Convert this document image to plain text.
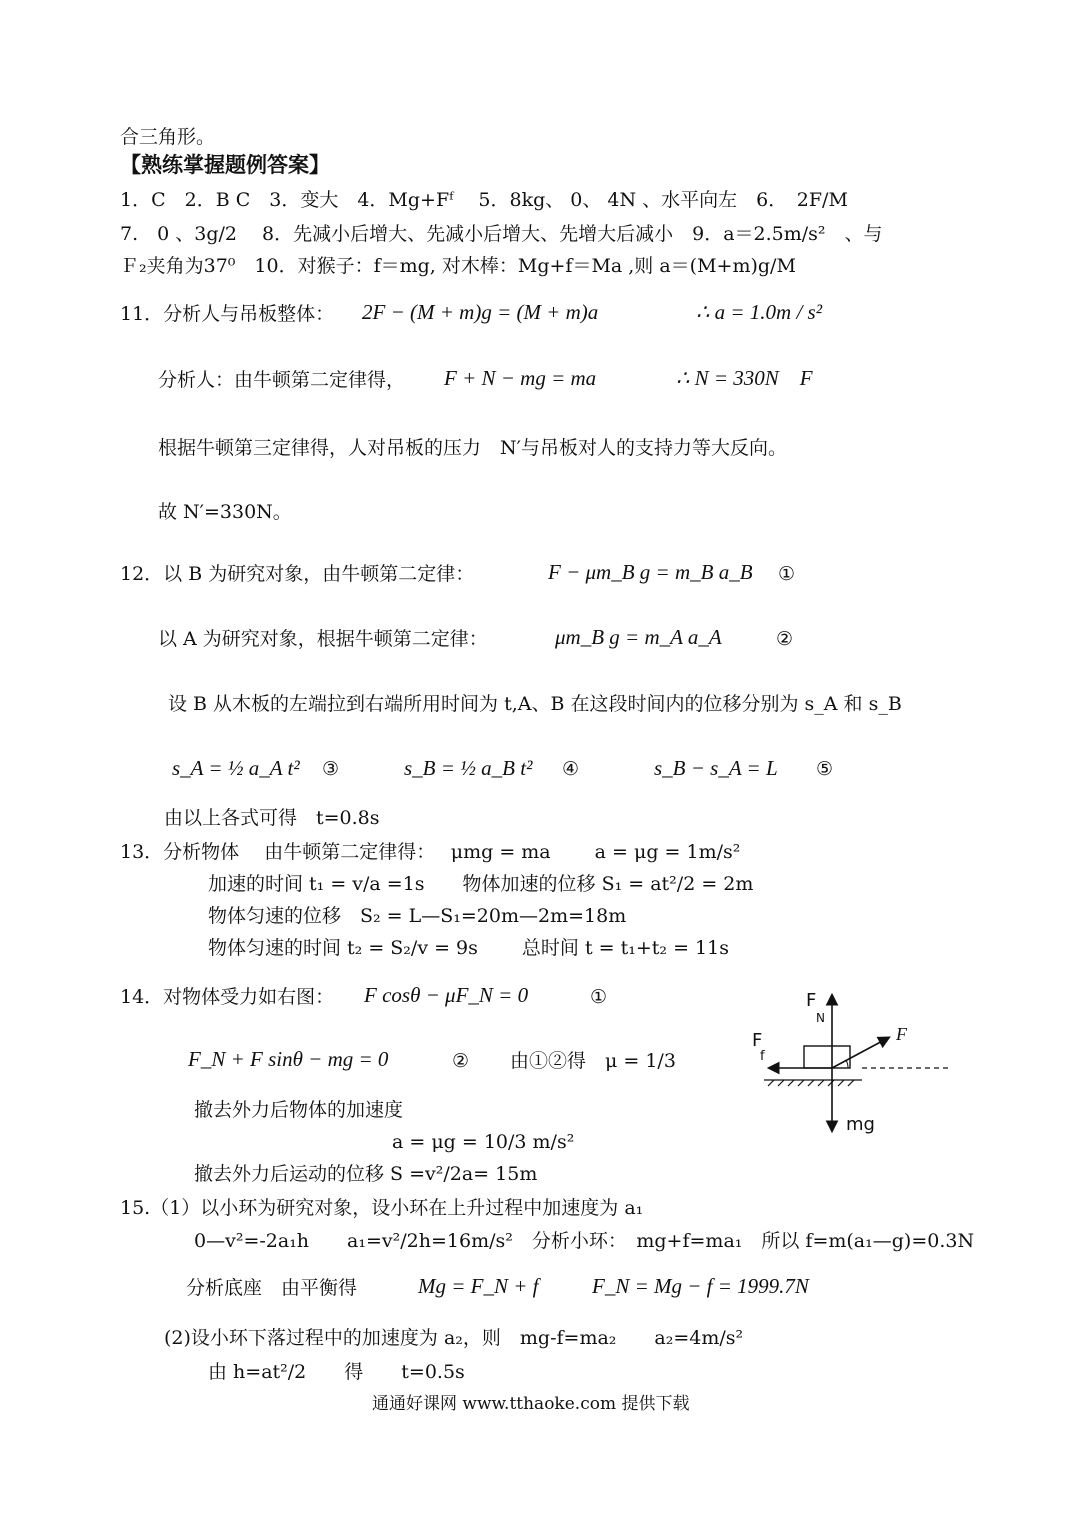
合三角形。
【熟练掌握题例答案】
1．C　2．B C　3．变大　4．Mg+Fᶠ　 5．8kg、 0、 4N 、水平向左　6．　2F/M
7.　0 、3g/2　 8．先减小后增大、先减小后增大、先增大后减小　9．a＝2.5m/s²　、与
Ｆ₂夹角为37⁰　10．对猴子：f＝mg, 对木棒：Mg+f＝Ma ,则 a＝(M+m)g/M
11．分析人与吊板整体： 2F − (M + m)g = (M + m)a	∴ a = 1.0m / s²
分析人：由牛顿第二定律得， F + N − mg = ma	∴ N = 330N　F
根据牛顿第三定律得，人对吊板的压力　N′与吊板对人的支持力等大反向。
故 N′=330N。
12．以 B 为研究对象，由牛顿第二定律：	F − μm_B g = m_B a_B ①
以 A 为研究对象，根据牛顿第二定律：	μm_B g = m_A a_A	②
设 B 从木板的左端拉到右端所用时间为 t,A、B 在这段时间内的位移分别为 s_A 和 s_B
s_A = ½ a_A t² ③	s_B = ½ a_B t² ④	s_B − s_A = L ⑤
由以上各式可得　t=0.8s
13．分析物体　 由牛顿第二定律得：　 μmg = ma　　 a = μg = 1m/s²
加速的时间 t₁ = v/a =1s　　物体加速的位移 S₁ = at²/2 = 2m
物体匀速的位移　S₂ = L—S₁=20m—2m=18m
物体匀速的时间 t₂ = S₂/v = 9s　　 总时间 t = t₁+t₂ = 11s
14．对物体受力如右图： F cosθ − μF_N = 0	①
F_N + F sinθ − mg = 0	② 由①②得　μ = 1/3
撤去外力后物体的加速度
a = μg = 10/3 m/s²
撤去外力后运动的位移 S =v²/2a= 15m
15.（1）以小环为研究对象，设小环在上升过程中加速度为 a₁
0—v²=-2a₁h　　a₁=v²/2h=16m/s²　分析小环：　mg+f=ma₁　所以 f=m(a₁—g)=0.3N
分析底座　由平衡得	Mg = F_N + f	F_N = Mg − f = 1999.7N
(2)设小环下落过程中的加速度为 a₂，则　mg-f=ma₂　　a₂=4m/s²
由 h=at²/2　　得　　t=0.5s
通通好课网 www.tthaoke.com 提供下载
F
N
F
f
F
mg
